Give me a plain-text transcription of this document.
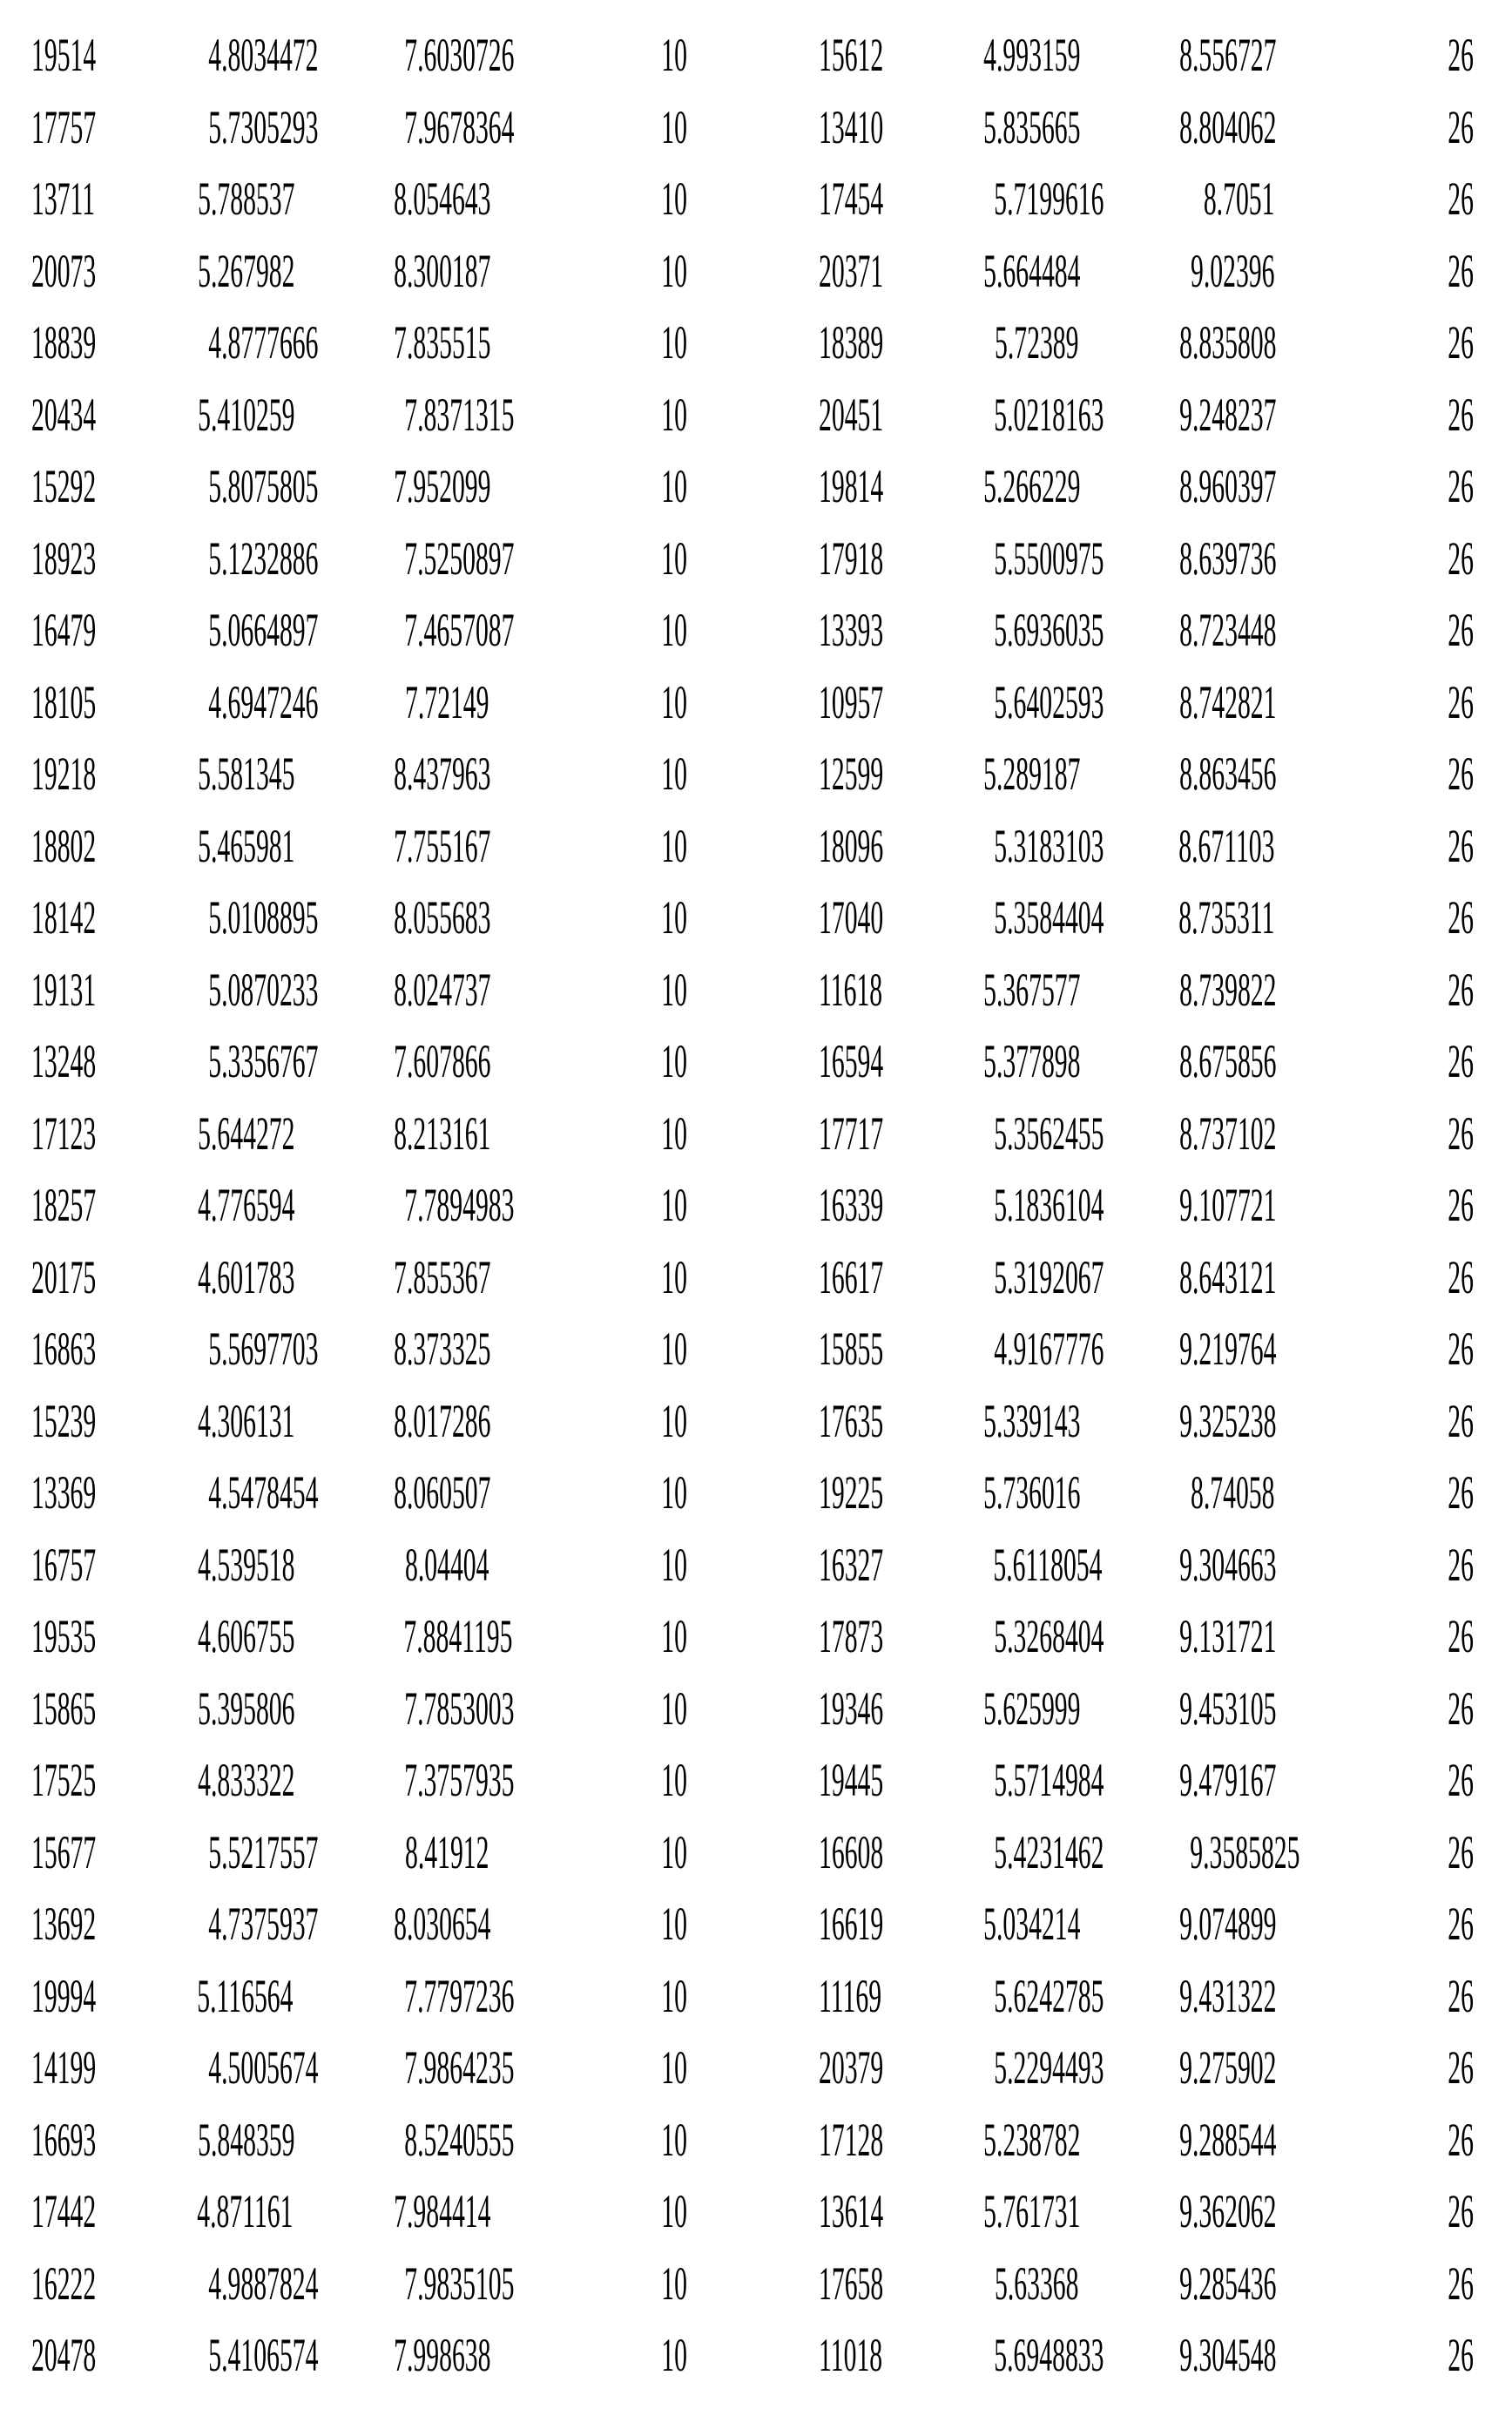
19514	4.8034472	7.6030726	10	15612	4.993159	8.556727	26
17757	5.7305293	7.9678364	10	13410	5.835665	8.804062	26
13711	5.788537	8.054643	10	17454	5.7199616	8.7051	26
20073	5.267982	8.300187	10	20371	5.664484	9.02396	26
18839	4.8777666	7.835515	10	18389	5.72389	8.835808	26
20434	5.410259	7.8371315	10	20451	5.0218163	9.248237	26
15292	5.8075805	7.952099	10	19814	5.266229	8.960397	26
18923	5.1232886	7.5250897	10	17918	5.5500975	8.639736	26
16479	5.0664897	7.4657087	10	13393	5.6936035	8.723448	26
18105	4.6947246	7.72149	10	10957	5.6402593	8.742821	26
19218	5.581345	8.437963	10	12599	5.289187	8.863456	26
18802	5.465981	7.755167	10	18096	5.3183103	8.671103	26
18142	5.0108895	8.055683	10	17040	5.3584404	8.735311	26
19131	5.0870233	8.024737	10	11618	5.367577	8.739822	26
13248	5.3356767	7.607866	10	16594	5.377898	8.675856	26
17123	5.644272	8.213161	10	17717	5.3562455	8.737102	26
18257	4.776594	7.7894983	10	16339	5.1836104	9.107721	26
20175	4.601783	7.855367	10	16617	5.3192067	8.643121	26
16863	5.5697703	8.373325	10	15855	4.9167776	9.219764	26
15239	4.306131	8.017286	10	17635	5.339143	9.325238	26
13369	4.5478454	8.060507	10	19225	5.736016	8.74058	26
16757	4.539518	8.04404	10	16327	5.6118054	9.304663	26
19535	4.606755	7.8841195	10	17873	5.3268404	9.131721	26
15865	5.395806	7.7853003	10	19346	5.625999	9.453105	26
17525	4.833322	7.3757935	10	19445	5.5714984	9.479167	26
15677	5.5217557	8.41912	10	16608	5.4231462	9.3585825	26
13692	4.7375937	8.030654	10	16619	5.034214	9.074899	26
19994	5.116564	7.7797236	10	11169	5.6242785	9.431322	26
14199	4.5005674	7.9864235	10	20379	5.2294493	9.275902	26
16693	5.848359	8.5240555	10	17128	5.238782	9.288544	26
17442	4.871161	7.984414	10	13614	5.761731	9.362062	26
16222	4.9887824	7.9835105	10	17658	5.63368	9.285436	26
20478	5.4106574	7.998638	10	11018	5.6948833	9.304548	26
